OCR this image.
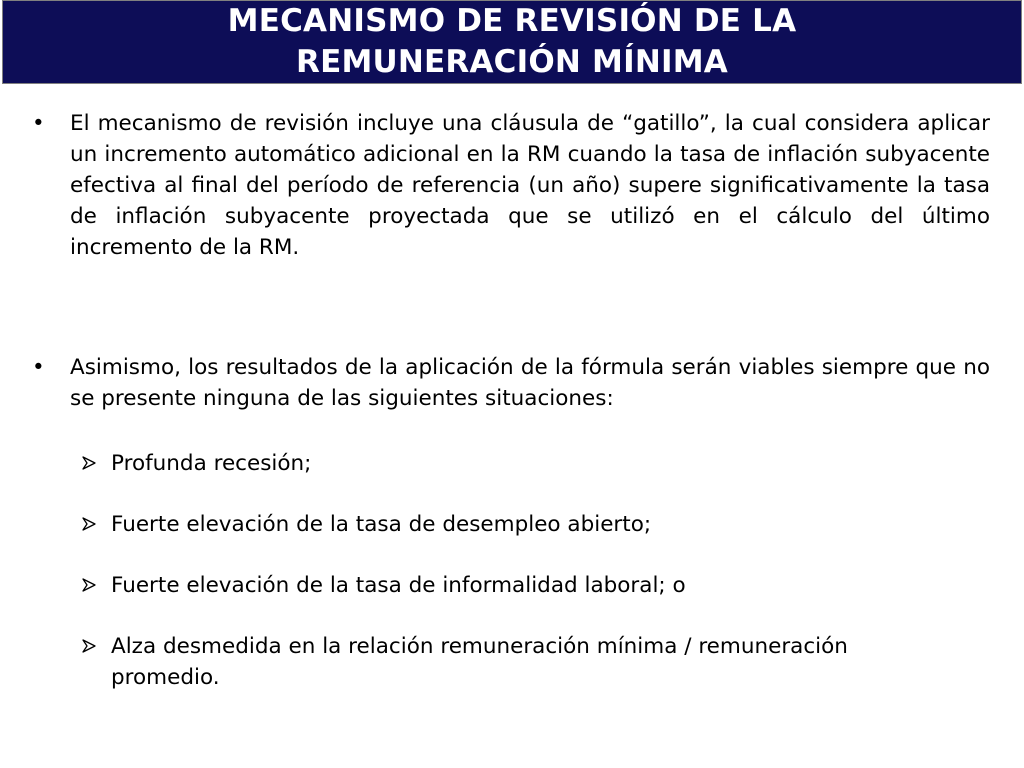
MECANISMO DE REVISIÓN DE LA
REMUNERACIÓN MÍNIMA
• El mecanismo de revisión incluye una cláusula de “gatillo”, la cual considera aplicar un incremento automático adicional en la RM cuando la tasa de inflación subyacente efectiva al final del período de referencia (un año) supere significativamente la tasa de inflación subyacente proyectada que se utilizó en el cálculo del último incremento de la RM.
• Asimismo, los resultados de la aplicación de la fórmula serán viables siempre que no se presente ninguna de las siguientes situaciones:
Profunda recesión;
Fuerte elevación de la tasa de desempleo abierto;
Fuerte elevación de la tasa de informalidad laboral; o
Alza desmedida en la relación remuneración mínima / remuneración promedio.
